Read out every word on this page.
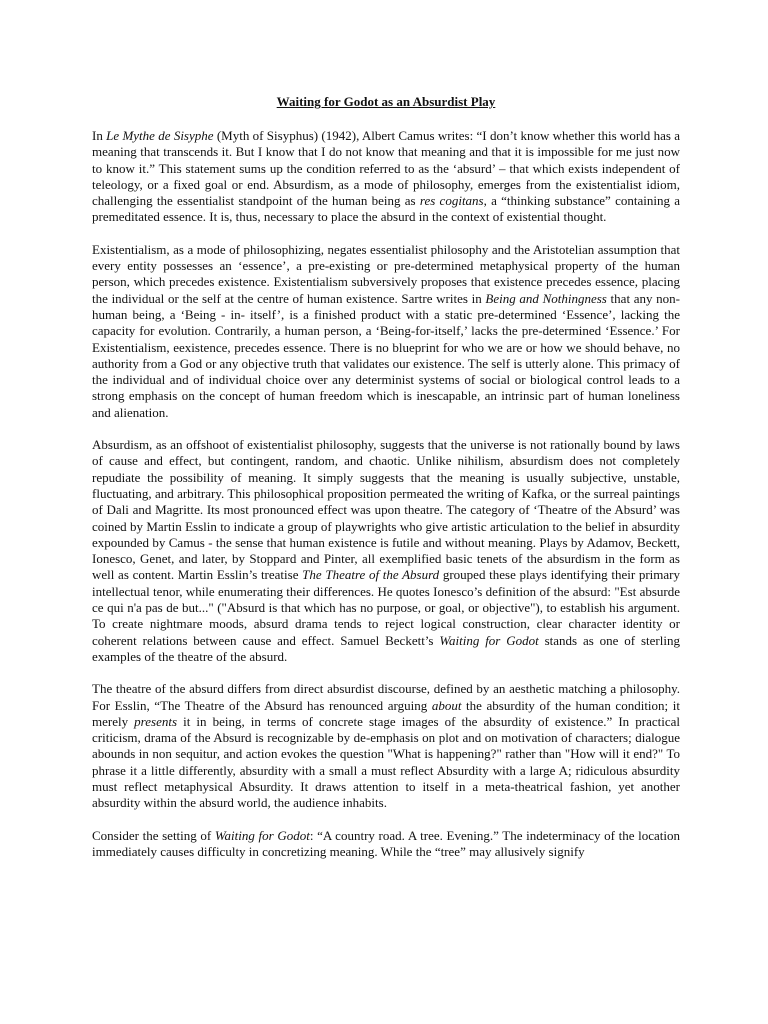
Waiting for Godot as an Absurdist Play
In Le Mythe de Sisyphe (Myth of Sisyphus) (1942), Albert Camus writes: “I don’t know whether this world has a meaning that transcends it. But I know that I do not know that meaning and that it is impossible for me just now to know it.” This statement sums up the condition referred to as the ‘absurd’ – that which exists independent of teleology, or a fixed goal or end. Absurdism, as a mode of philosophy, emerges from the existentialist idiom, challenging the essentialist standpoint of the human being as res cogitans, a “thinking substance” containing a premeditated essence. It is, thus, necessary to place the absurd in the context of existential thought.
Existentialism, as a mode of philosophizing, negates essentialist philosophy and the Aristotelian assumption that every entity possesses an ‘essence’, a pre-existing or pre-determined metaphysical property of the human person, which precedes existence. Existentialism subversively proposes that existence precedes essence, placing the individual or the self at the centre of human existence. Sartre writes in Being and Nothingness that any non-human being, a ‘Being - in- itself’, is a finished product with a static pre-determined ‘Essence’, lacking the capacity for evolution. Contrarily, a human person, a ‘Being-for-itself,’ lacks the pre-determined ‘Essence.’ For Existentialism, eexistence, precedes essence. There is no blueprint for who we are or how we should behave, no authority from a God or any objective truth that validates our existence. The self is utterly alone. This primacy of the individual and of individual choice over any determinist systems of social or biological control leads to a strong emphasis on the concept of human freedom which is inescapable, an intrinsic part of human loneliness and alienation.
Absurdism, as an offshoot of existentialist philosophy, suggests that the universe is not rationally bound by laws of cause and effect, but contingent, random, and chaotic. Unlike nihilism, absurdism does not completely repudiate the possibility of meaning. It simply suggests that the meaning is usually subjective, unstable, fluctuating, and arbitrary. This philosophical proposition permeated the writing of Kafka, or the surreal paintings of Dali and Magritte. Its most pronounced effect was upon theatre. The category of ‘Theatre of the Absurd’ was coined by Martin Esslin to indicate a group of playwrights who give artistic articulation to the belief in absurdity expounded by Camus - the sense that human existence is futile and without meaning. Plays by Adamov, Beckett, Ionesco, Genet, and later, by Stoppard and Pinter, all exemplified basic tenets of the absurdism in the form as well as content. Martin Esslin’s treatise The Theatre of the Absurd grouped these plays identifying their primary intellectual tenor, while enumerating their differences. He quotes Ionesco’s definition of the absurd: "Est absurde ce qui n'a pas de but..." ("Absurd is that which has no purpose, or goal, or objective"), to establish his argument. To create nightmare moods, absurd drama tends to reject logical construction, clear character identity or coherent relations between cause and effect. Samuel Beckett’s Waiting for Godot stands as one of sterling examples of the theatre of the absurd.
The theatre of the absurd differs from direct absurdist discourse, defined by an aesthetic matching a philosophy. For Esslin, “The Theatre of the Absurd has renounced arguing about the absurdity of the human condition; it merely presents it in being, in terms of concrete stage images of the absurdity of existence.” In practical criticism, drama of the Absurd is recognizable by de-emphasis on plot and on motivation of characters; dialogue abounds in non sequitur, and action evokes the question "What is happening?" rather than "How will it end?" To phrase it a little differently, absurdity with a small a must reflect Absurdity with a large A; ridiculous absurdity must reflect metaphysical Absurdity. It draws attention to itself in a meta-theatrical fashion, yet another absurdity within the absurd world, the audience inhabits.
Consider the setting of Waiting for Godot: “A country road. A tree. Evening.” The indeterminacy of the location immediately causes difficulty in concretizing meaning. While the “tree” may allusively signify
